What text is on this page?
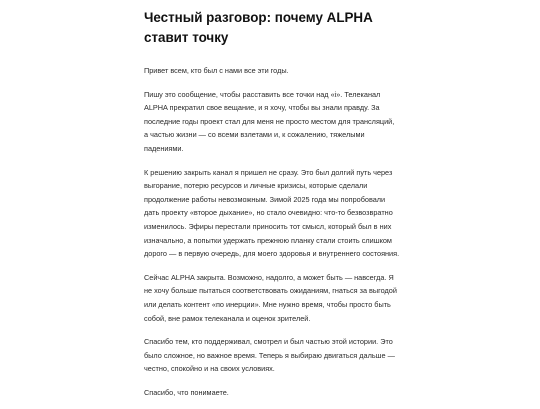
Честный разговор: почему ALPHA ставит точку

Привет всем, кто был с нами все эти годы.

Пишу это сообщение, чтобы расставить все точки над «i». Телеканал ALPHA прекратил свое вещание, и я хочу, чтобы вы знали правду. За последние годы проект стал для меня не просто местом для трансляций, а частью жизни — со всеми взлетами и, к сожалению, тяжелыми падениями.

К решению закрыть канал я пришел не сразу. Это был долгий путь через выгорание, потерю ресурсов и личные кризисы, которые сделали продолжение работы невозможным. Зимой 2025 года мы попробовали дать проекту «второе дыхание», но стало очевидно: что-то безвозвратно изменилось. Эфиры перестали приносить тот смысл, который был в них изначально, а попытки удержать прежнюю планку стали стоить слишком дорого — в первую очередь, для моего здоровья и внутреннего состояния.

Сейчас ALPHA закрыта. Возможно, надолго, а может быть — навсегда. Я не хочу больше пытаться соответствовать ожиданиям, гнаться за выгодой или делать контент «по инерции». Мне нужно время, чтобы просто быть собой, вне рамок телеканала и оценок зрителей.

Спасибо тем, кто поддерживал, смотрел и был частью этой истории. Это было сложное, но важное время. Теперь я выбираю двигаться дальше — честно, спокойно и на своих условиях.

Спасибо, что понимаете.
